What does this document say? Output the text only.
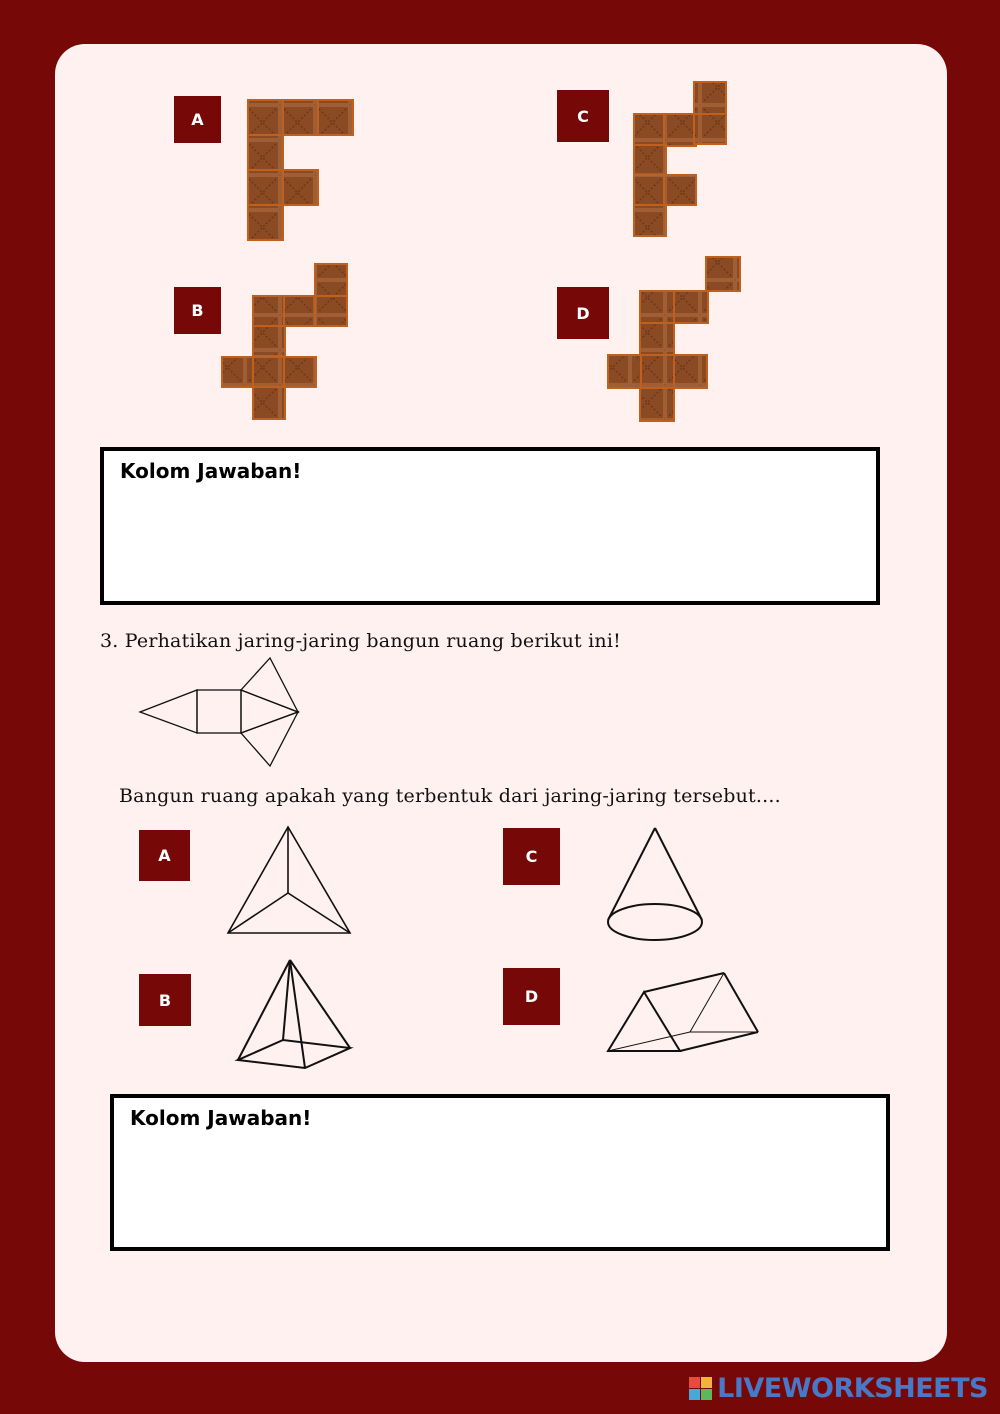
A
B
C
D
Kolom Jawaban!
3. Perhatikan jaring-jaring bangun ruang berikut ini!
Bangun ruang apakah yang terbentuk dari jaring-jaring tersebut....
A
B
C
D
Kolom Jawaban!
LIVEWORKSHEETS
